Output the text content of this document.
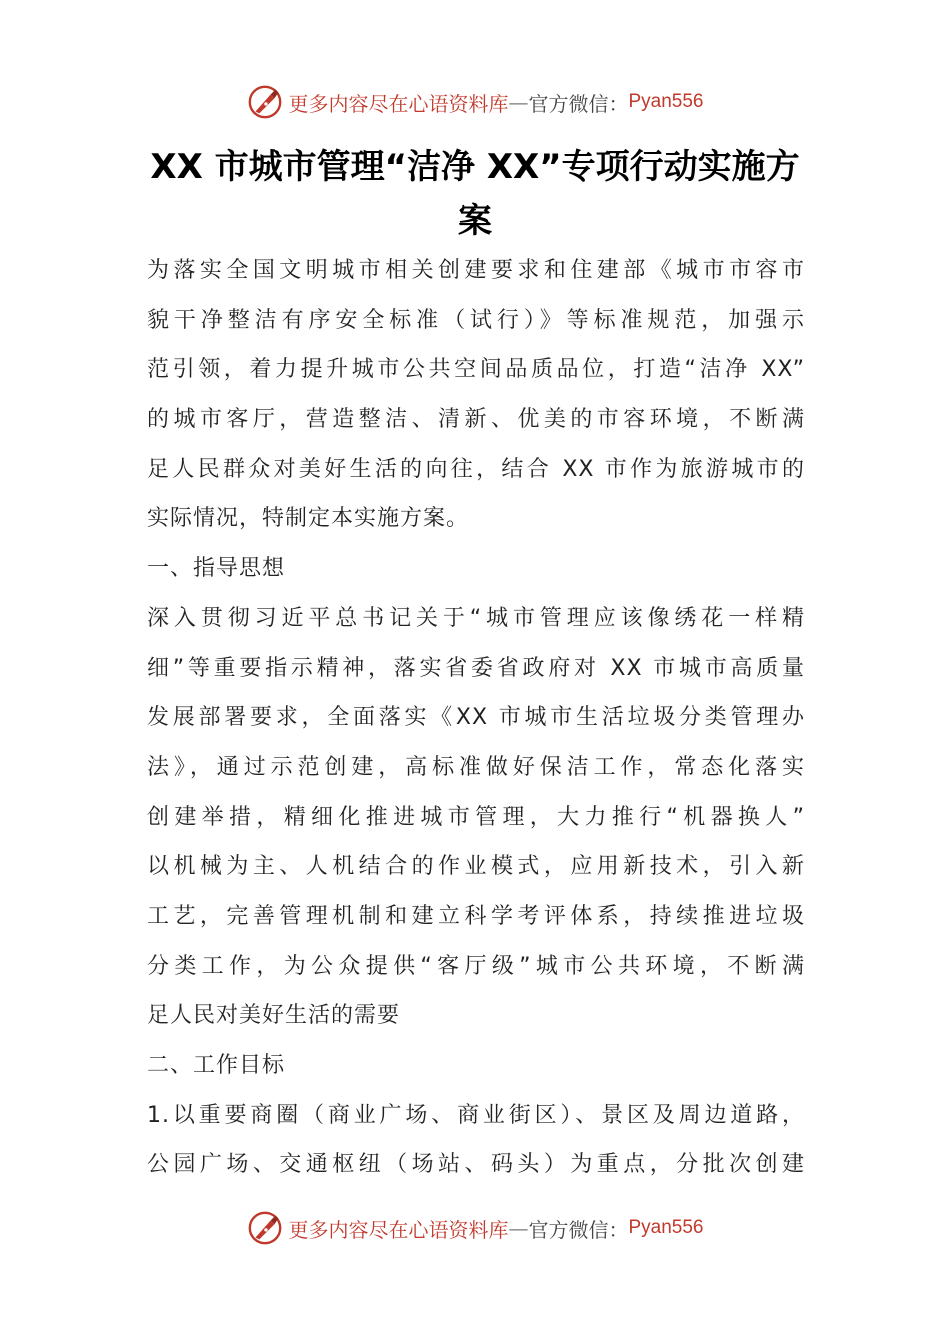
更多内容尽在心语资料库 — 官方微信： Pyan556
XX 市城市管理“洁净 XX”专项行动实施方
案
为落实全国文明城市相关创建要求和住建部《城市市容市
貌干净整洁有序安全标准（试行）》等标准规范，加强示
范引领，着力提升城市公共空间品质品位，打造“洁净 XX”
的城市客厅，营造整洁、清新、优美的市容环境，不断满
足人民群众对美好生活的向往，结合 XX 市作为旅游城市的
实际情况，特制定本实施方案。
一、指导思想
深入贯彻习近平总书记关于“城市管理应该像绣花一样精
细”等重要指示精神，落实省委省政府对 XX 市城市高质量
发展部署要求，全面落实《XX 市城市生活垃圾分类管理办
法》，通过示范创建，高标准做好保洁工作，常态化落实
创建举措，精细化推进城市管理，大力推行“机器换人”
以机械为主、人机结合的作业模式，应用新技术，引入新
工艺，完善管理机制和建立科学考评体系，持续推进垃圾
分类工作，为公众提供“客厅级”城市公共环境，不断满
足人民对美好生活的需要
二、工作目标
1.以重要商圈（商业广场、商业街区）、景区及周边道路，
公园广场、交通枢纽（场站、码头）为重点，分批次创建
更多内容尽在心语资料库 — 官方微信： Pyan556
